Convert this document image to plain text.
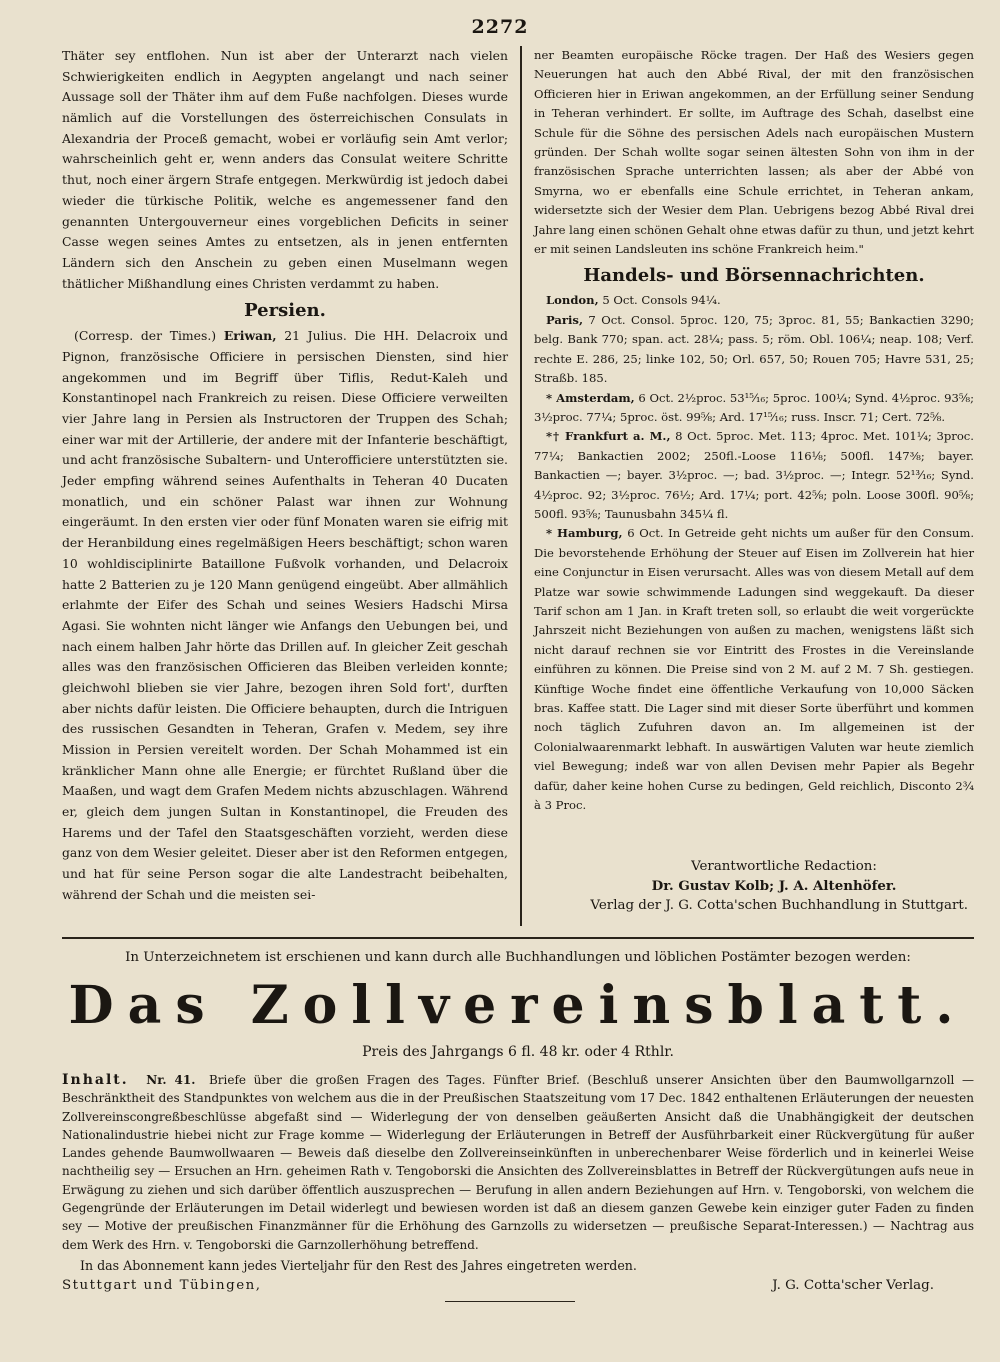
2272

Thäter sey entflohen. Nun ist aber der Unterarzt nach vielen Schwierigkeiten endlich in Aegypten angelangt und nach seiner Aussage soll der Thäter ihm auf dem Fuße nachfolgen. Dieses wurde nämlich auf die Vorstellungen des österreichischen Consulats in Alexandria der Proceß gemacht, wobei er vorläufig sein Amt verlor; wahrscheinlich geht er, wenn anders das Consulat weitere Schritte thut, noch einer ärgern Strafe entgegen. Merkwürdig ist jedoch dabei wieder die türkische Politik, welche es angemessener fand den genannten Untergouverneur eines vorgeblichen Deficits in seiner Casse wegen seines Amtes zu entsetzen, als in jenen entfernten Ländern sich den Anschein zu geben einen Muselmann wegen thätlicher Mißhandlung eines Christen verdammt zu haben.

Persien.

(Corresp. der Times.) Eriwan, 21 Julius. Die HH. Delacroix und Pignon, französische Officiere in persischen Diensten, sind hier angekommen und im Begriff über Tiflis, Redut-Kaleh und Konstantinopel nach Frankreich zu reisen. Diese Officiere verweilten vier Jahre lang in Persien als Instructoren der Truppen des Schah; einer war mit der Artillerie, der andere mit der Infanterie beschäftigt, und acht französische Subaltern- und Unterofficiere unterstützten sie. Jeder empfing während seines Aufenthalts in Teheran 40 Ducaten monatlich, und ein schöner Palast war ihnen zur Wohnung eingeräumt. In den ersten vier oder fünf Monaten waren sie eifrig mit der Heranbildung eines regelmäßigen Heers beschäftigt; schon waren 10 wohldisciplinirte Bataillone Fußvolk vorhanden, und Delacroix hatte 2 Batterien zu je 120 Mann genügend eingeübt. Aber allmählich erlahmte der Eifer des Schah und seines Wesiers Hadschi Mirsa Agasi. Sie wohnten nicht länger wie Anfangs den Uebungen bei, und nach einem halben Jahr hörte das Drillen auf. In gleicher Zeit geschah alles was den französischen Officieren das Bleiben verleiden konnte; gleichwohl blieben sie vier Jahre, bezogen ihren Sold fort', durften aber nichts dafür leisten. Die Officiere behaupten, durch die Intriguen des russischen Gesandten in Teheran, Grafen v. Medem, sey ihre Mission in Persien vereitelt worden. Der Schah Mohammed ist ein kränklicher Mann ohne alle Energie; er fürchtet Rußland über die Maaßen, und wagt dem Grafen Medem nichts abzuschlagen. Während er, gleich dem jungen Sultan in Konstantinopel, die Freuden des Harems und der Tafel den Staatsgeschäften vorzieht, werden diese ganz von dem Wesier geleitet. Dieser aber ist den Reformen entgegen, und hat für seine Person sogar die alte Landestracht beibehalten, während der Schah und die meisten sei-

ner Beamten europäische Röcke tragen. Der Haß des Wesiers gegen Neuerungen hat auch den Abbé Rival, der mit den französischen Officieren hier in Eriwan angekommen, an der Erfüllung seiner Sendung in Teheran verhindert. Er sollte, im Auftrage des Schah, daselbst eine Schule für die Söhne des persischen Adels nach europäischen Mustern gründen. Der Schah wollte sogar seinen ältesten Sohn von ihm in der französischen Sprache unterrichten lassen; als aber der Abbé von Smyrna, wo er ebenfalls eine Schule errichtet, in Teheran ankam, widersetzte sich der Wesier dem Plan. Uebrigens bezog Abbé Rival drei Jahre lang einen schönen Gehalt ohne etwas dafür zu thun, und jetzt kehrt er mit seinen Landsleuten ins schöne Frankreich heim."

Handels- und Börsennachrichten.

London, 5 Oct. Consols 94¼.

Paris, 7 Oct. Consol. 5proc. 120, 75; 3proc. 81, 55; Bankactien 3290; belg. Bank 770; span. act. 28¼; pass. 5; röm. Obl. 106¼; neap. 108; Verf. rechte E. 286, 25; linke 102, 50; Orl. 657, 50; Rouen 705; Havre 531, 25; Straßb. 185.

* Amsterdam, 6 Oct. 2½proc. 53¹⁵⁄₁₆; 5proc. 100¼; Synd. 4½proc. 93⅝; 3½proc. 77¼; 5proc. öst. 99⅝; Ard. 17¹⁵⁄₁₆; russ. Inscr. 71; Cert. 72⅝.

*† Frankfurt a. M., 8 Oct. 5proc. Met. 113; 4proc. Met. 101¼; 3proc. 77¼; Bankactien 2002; 250fl.-Loose 116⅛; 500fl. 147⅜; bayer. Bankactien —; bayer. 3½proc. —; bad. 3½proc. —; Integr. 52¹³⁄₁₆; Synd. 4½proc. 92; 3½proc. 76½; Ard. 17¼; port. 42⅝; poln. Loose 300fl. 90⅝; 500fl. 93⅝; Taunusbahn 345¼ fl.

* Hamburg, 6 Oct. In Getreide geht nichts um außer für den Consum. Die bevorstehende Erhöhung der Steuer auf Eisen im Zollverein hat hier eine Conjunctur in Eisen verursacht. Alles was von diesem Metall auf dem Platze war sowie schwimmende Ladungen sind weggekauft. Da dieser Tarif schon am 1 Jan. in Kraft treten soll, so erlaubt die weit vorgerückte Jahrszeit nicht Beziehungen von außen zu machen, wenigstens läßt sich nicht darauf rechnen sie vor Eintritt des Frostes in die Vereinslande einführen zu können. Die Preise sind von 2 M. auf 2 M. 7 Sh. gestiegen. Künftige Woche findet eine öffentliche Verkaufung von 10,000 Säcken bras. Kaffee statt. Die Lager sind mit dieser Sorte überführt und kommen noch täglich Zufuhren davon an. Im allgemeinen ist der Colonialwaarenmarkt lebhaft. In auswärtigen Valuten war heute ziemlich viel Bewegung; indeß war von allen Devisen mehr Papier als Begehr dafür, daher keine hohen Curse zu bedingen, Geld reichlich, Disconto 2¾ à 3 Proc.

Verantwortliche Redaction:
Dr. Gustav Kolb; J. A. Altenhöfer.
Verlag der J. G. Cotta'schen Buchhandlung in Stuttgart.
In Unterzeichnetem ist erschienen und kann durch alle Buchhandlungen und löblichen Postämter bezogen werden:
Das Zollvereinsblatt.
Preis des Jahrgangs 6 fl. 48 kr. oder 4 Rthlr.
Inhalt. Nr. 41. Briefe über die großen Fragen des Tages. Fünfter Brief. (Beschluß unserer Ansichten über den Baumwollgarnzoll — Beschränktheit des Standpunktes von welchem aus die in der Preußischen Staatszeitung vom 17 Dec. 1842 enthaltenen Erläuterungen der neuesten Zollvereinscongreßbeschlüsse abgefaßt sind — Widerlegung der von denselben geäußerten Ansicht daß die Unabhängigkeit der deutschen Nationalindustrie hiebei nicht zur Frage komme — Widerlegung der Erläuterungen in Betreff der Ausführbarkeit einer Rückvergütung für außer Landes gehende Baumwollwaaren — Beweis daß dieselbe den Zollvereinseinkünften in unberechenbarer Weise förderlich und in keinerlei Weise nachtheilig sey — Ersuchen an Hrn. geheimen Rath v. Tengoborski die Ansichten des Zollvereinsblattes in Betreff der Rückvergütungen aufs neue in Erwägung zu ziehen und sich darüber öffentlich auszusprechen — Berufung in allen andern Beziehungen auf Hrn. v. Tengoborski, von welchem die Gegengründe der Erläuterungen im Detail widerlegt und bewiesen worden ist daß an diesem ganzen Gewebe kein einziger guter Faden zu finden sey — Motive der preußischen Finanzmänner für die Erhöhung des Garnzolls zu widersetzen — preußische Separat-Interessen.) — Nachtrag aus dem Werk des Hrn. v. Tengoborski die Garnzollerhöhung betreffend.
In das Abonnement kann jedes Vierteljahr für den Rest des Jahres eingetreten werden.
Stuttgart und Tübingen,	J. G. Cotta'scher Verlag.
